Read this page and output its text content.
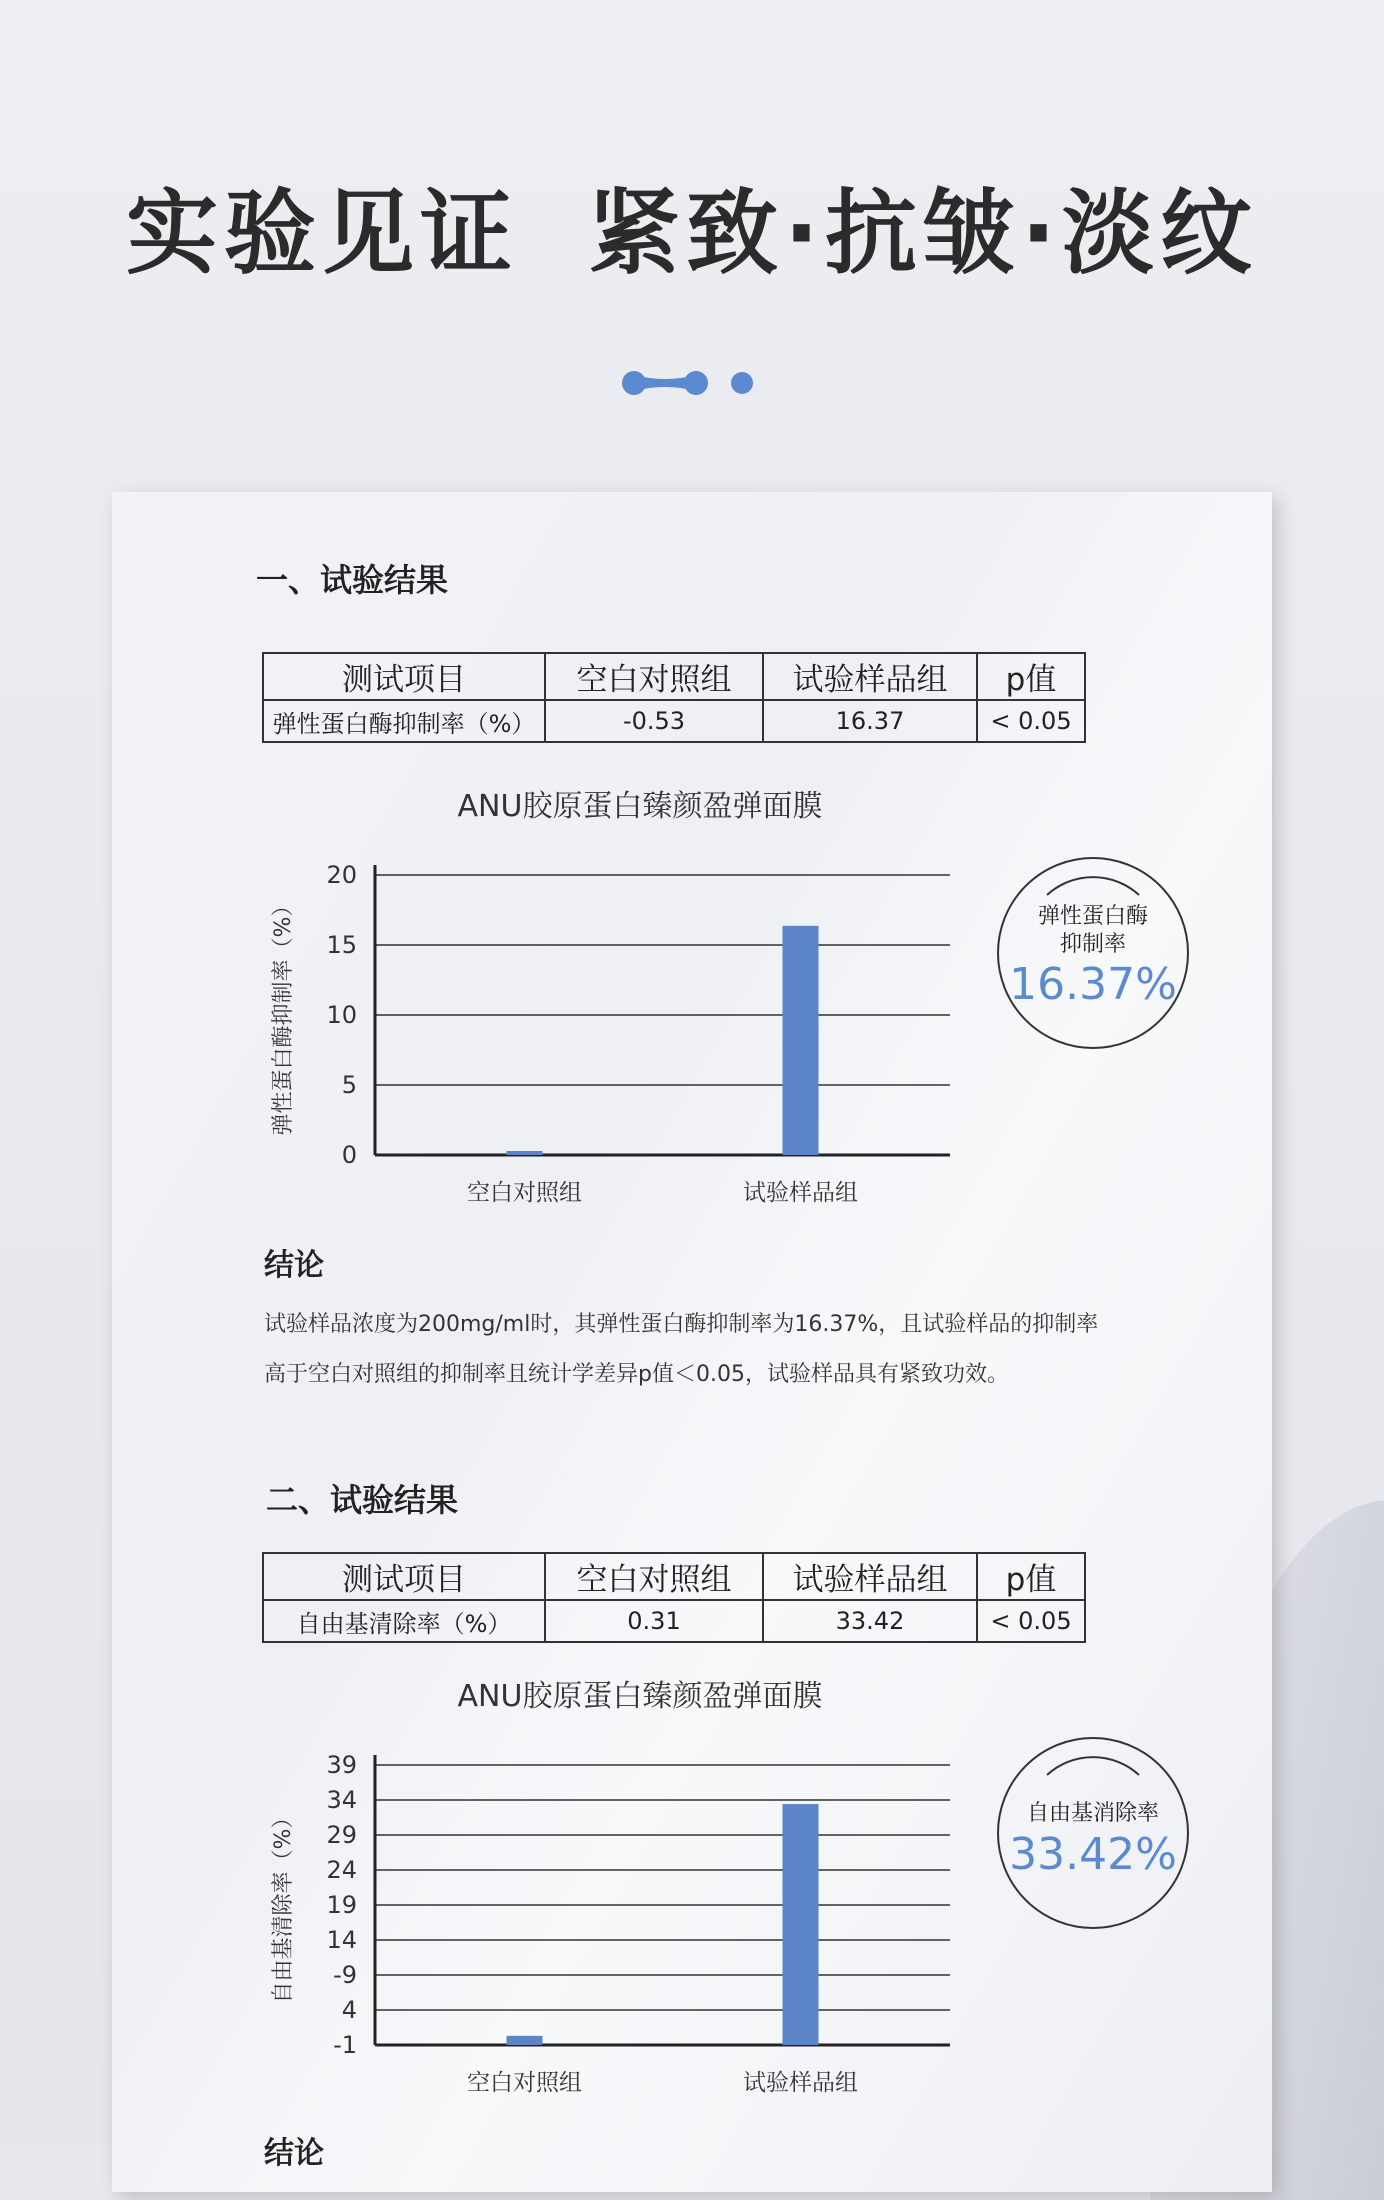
实验见证 紧致·抗皱·淡纹
一、试验结果
测试项目	空白对照组	试验样品组	p值
弹性蛋白酶抑制率（%）	-0.53	16.37	< 0.05
ANU胶原蛋白臻颜盈弹面膜
0
5
10
15
20
弹性蛋白酶抑制率（%）
空白对照组	试验样品组
弹性蛋白酶
抑制率
16.37%
结论
试验样品浓度为200mg/ml时，其弹性蛋白酶抑制率为16.37%，且试验样品的抑制率
高于空白对照组的抑制率且统计学差异p值＜0.05，试验样品具有紧致功效。
二、试验结果
测试项目	空白对照组	试验样品组	p值
自由基清除率（%）	0.31	33.42	< 0.05
ANU胶原蛋白臻颜盈弹面膜
-1
4
-9
14
19
24
29
34
39
自由基清除率（%）
空白对照组	试验样品组
自由基消除率
33.42%
结论
